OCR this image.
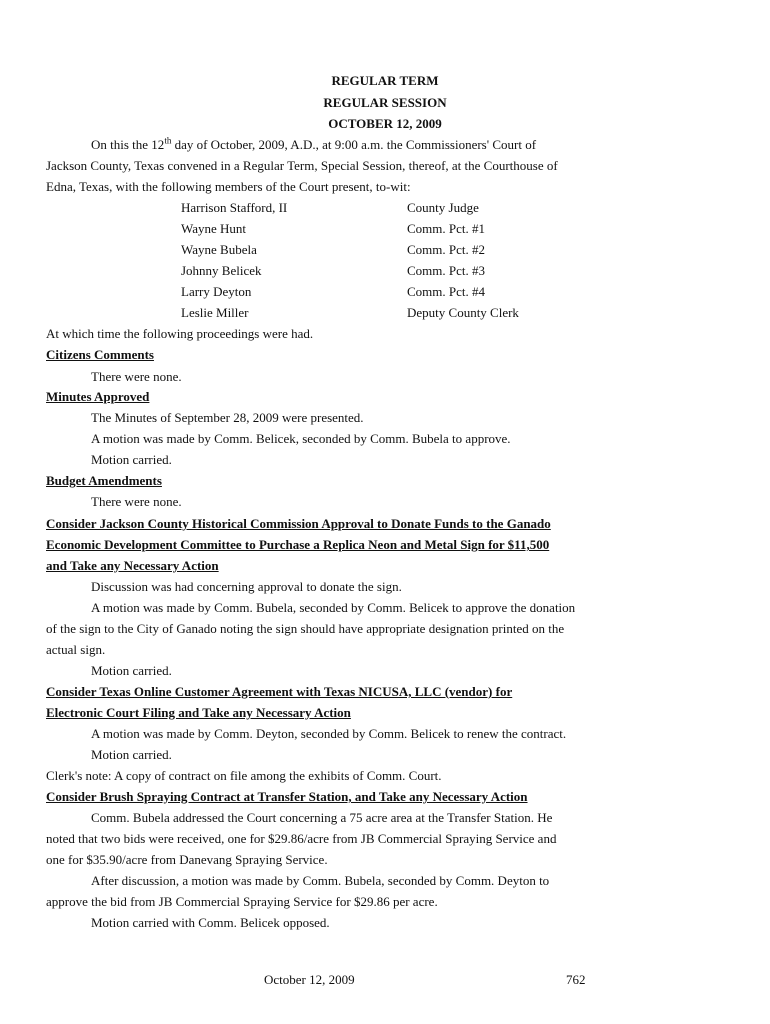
REGULAR TERM
REGULAR SESSION
OCTOBER 12, 2009
On this the 12th day of October, 2009, A.D., at 9:00 a.m. the Commissioners' Court of
Jackson County, Texas convened in a Regular Term, Special Session, thereof, at the Courthouse of
Edna, Texas, with the following members of the Court present, to-wit:
Harrison Stafford, II	County Judge
Wayne Hunt	Comm. Pct. #1
Wayne Bubela	Comm. Pct. #2
Johnny Belicek	Comm. Pct. #3
Larry Deyton	Comm. Pct. #4
Leslie Miller	Deputy County Clerk
At which time the following proceedings were had.
Citizens Comments
There were none.
Minutes Approved
The Minutes of September 28, 2009 were presented.
A motion was made by Comm. Belicek, seconded by Comm. Bubela to approve.
Motion carried.
Budget Amendments
There were none.
Consider Jackson County Historical Commission Approval to Donate Funds to the Ganado
Economic Development Committee to Purchase a Replica Neon and Metal Sign for $11,500
and Take any Necessary Action
Discussion was had concerning approval to donate the sign.
A motion was made by Comm. Bubela, seconded by Comm. Belicek to approve the donation
of the sign to the City of Ganado noting the sign should have appropriate designation printed on the
actual sign.
Motion carried.
Consider Texas Online Customer Agreement with Texas NICUSA, LLC (vendor) for
Electronic Court Filing and Take any Necessary Action
A motion was made by Comm. Deyton, seconded by Comm. Belicek to renew the contract.
Motion carried.
Clerk's note: A copy of contract on file among the exhibits of Comm. Court.
Consider Brush Spraying Contract at Transfer Station, and Take any Necessary Action
Comm. Bubela addressed the Court concerning a 75 acre area at the Transfer Station. He
noted that two bids were received, one for $29.86/acre from JB Commercial Spraying Service and
one for $35.90/acre from Danevang Spraying Service.
After discussion, a motion was made by Comm. Bubela, seconded by Comm. Deyton to
approve the bid from JB Commercial Spraying Service for $29.86 per acre.
Motion carried with Comm. Belicek opposed.
October 12, 2009	762
